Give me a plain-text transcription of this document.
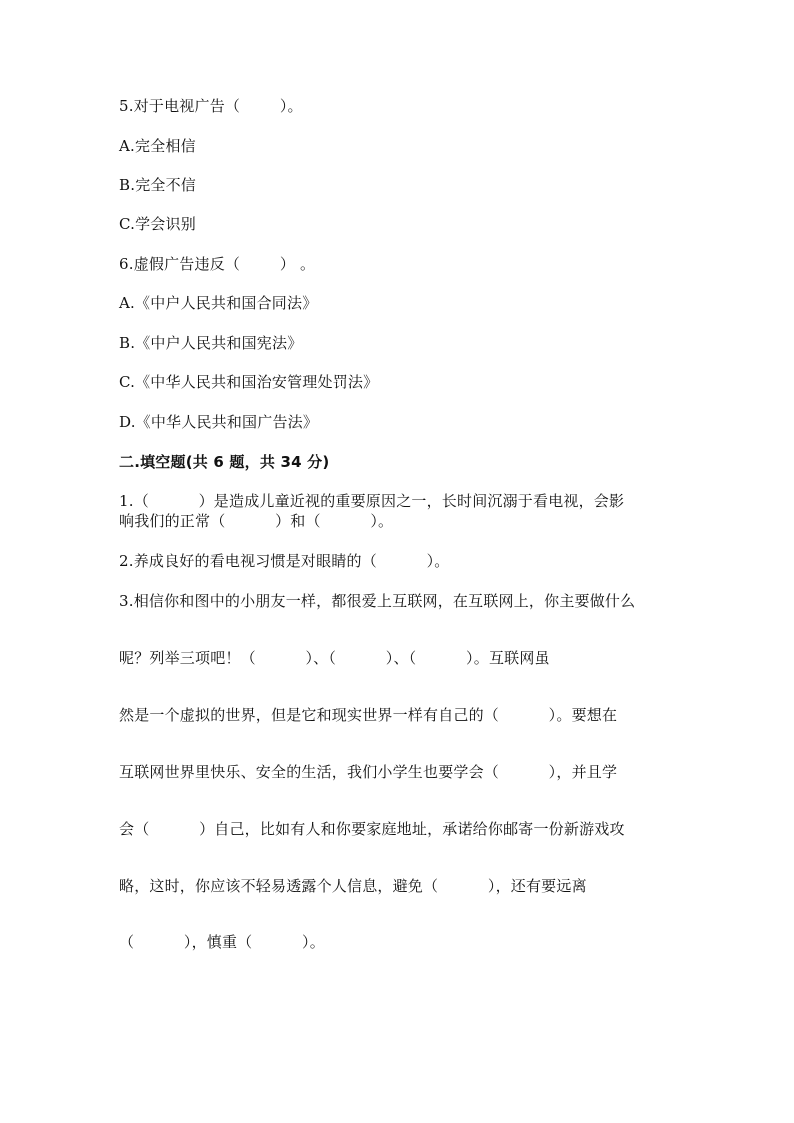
5.对于电视广告（        ）。
A.完全相信
B.完全不信
C.学会识别
6.虚假广告违反（        ） 。
A.《中户人民共和国合同法》
B.《中户人民共和国宪法》
C.《中华人民共和国治安管理处罚法》
D.《中华人民共和国广告法》
二.填空题(共 6 题，共 34 分)
1.（          ）是造成儿童近视的重要原因之一，长时间沉溺于看电视，会影
响我们的正常（          ）和（          ）。
2.养成良好的看电视习惯是对眼睛的（          ）。
3.相信你和图中的小朋友一样，都很爱上互联网，在互联网上，你主要做什么
呢？列举三项吧！（          ）、（          ）、（          ）。互联网虽
然是一个虚拟的世界，但是它和现实世界一样有自己的（          ）。要想在
互联网世界里快乐、安全的生活，我们小学生也要学会（          ），并且学
会（          ）自己，比如有人和你要家庭地址，承诺给你邮寄一份新游戏攻
略，这时，你应该不轻易透露个人信息，避免（          ），还有要远离
（          ），慎重（          ）。
